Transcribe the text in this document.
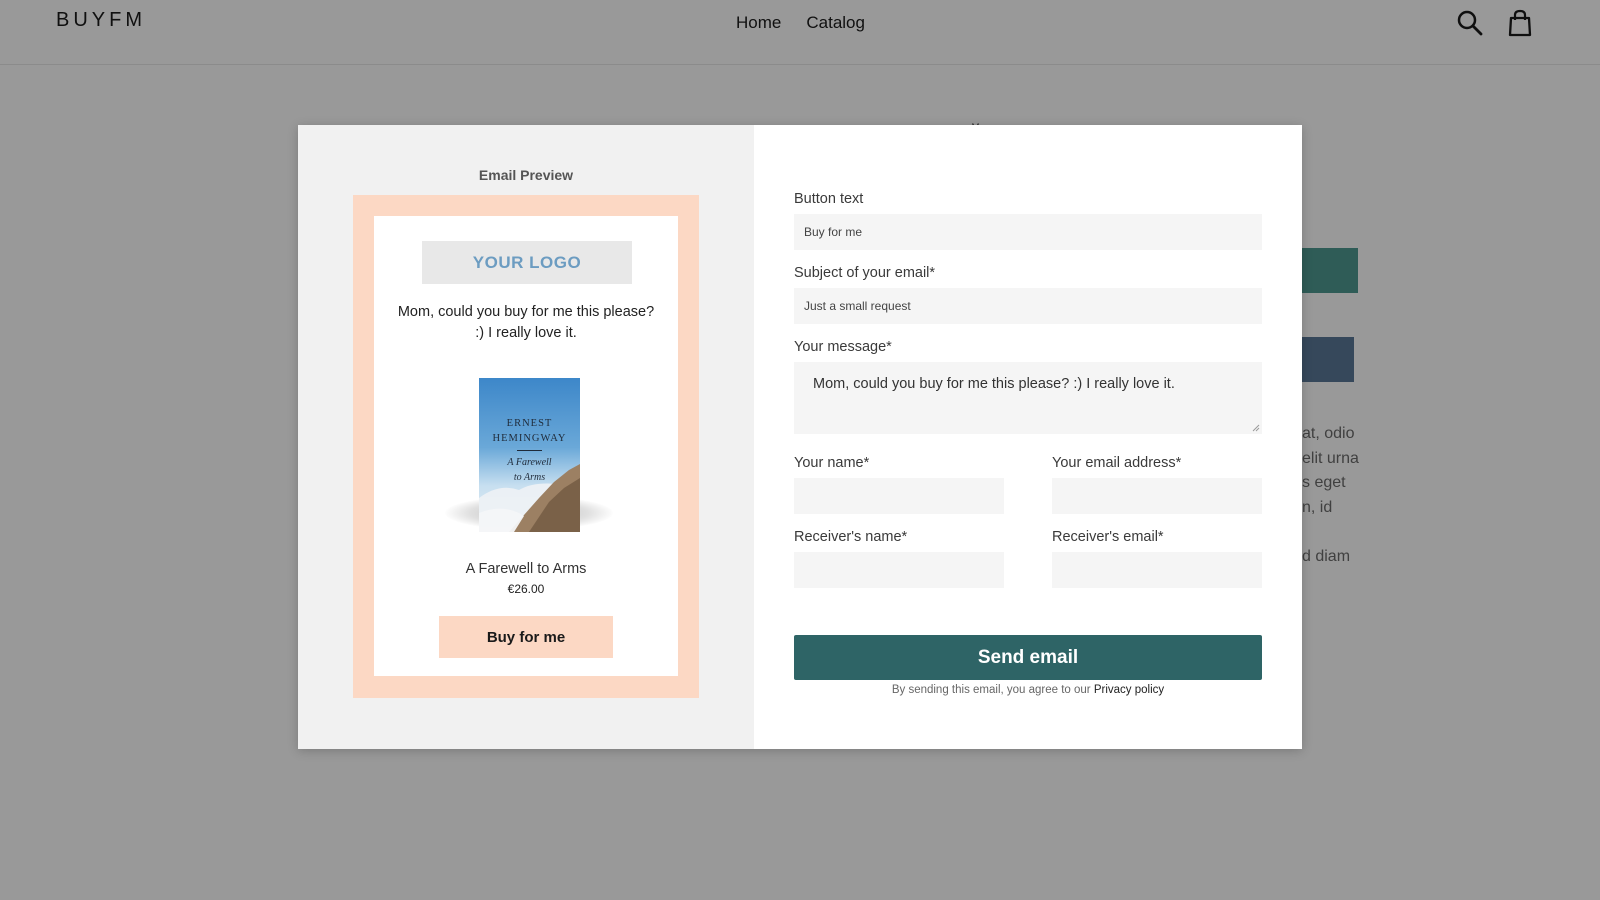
BUYFM	Home Catalog
at, odio
elit urna
s eget
n, id

d diam
Email Preview
YOUR LOGO
Mom, could you buy for me this please? :) I really love it.
ERNEST
HEMINGWAY
A Farewell
to Arms
A Farewell to Arms
€26.00
Buy for me
Button text
Buy for me
Subject of your email*
Just a small request
Your message*
Mom, could you buy for me this please? :) I really love it.
Your name*	Your email address*
Receiver's name*	Receiver's email*
Send email
By sending this email, you agree to our Privacy policy
